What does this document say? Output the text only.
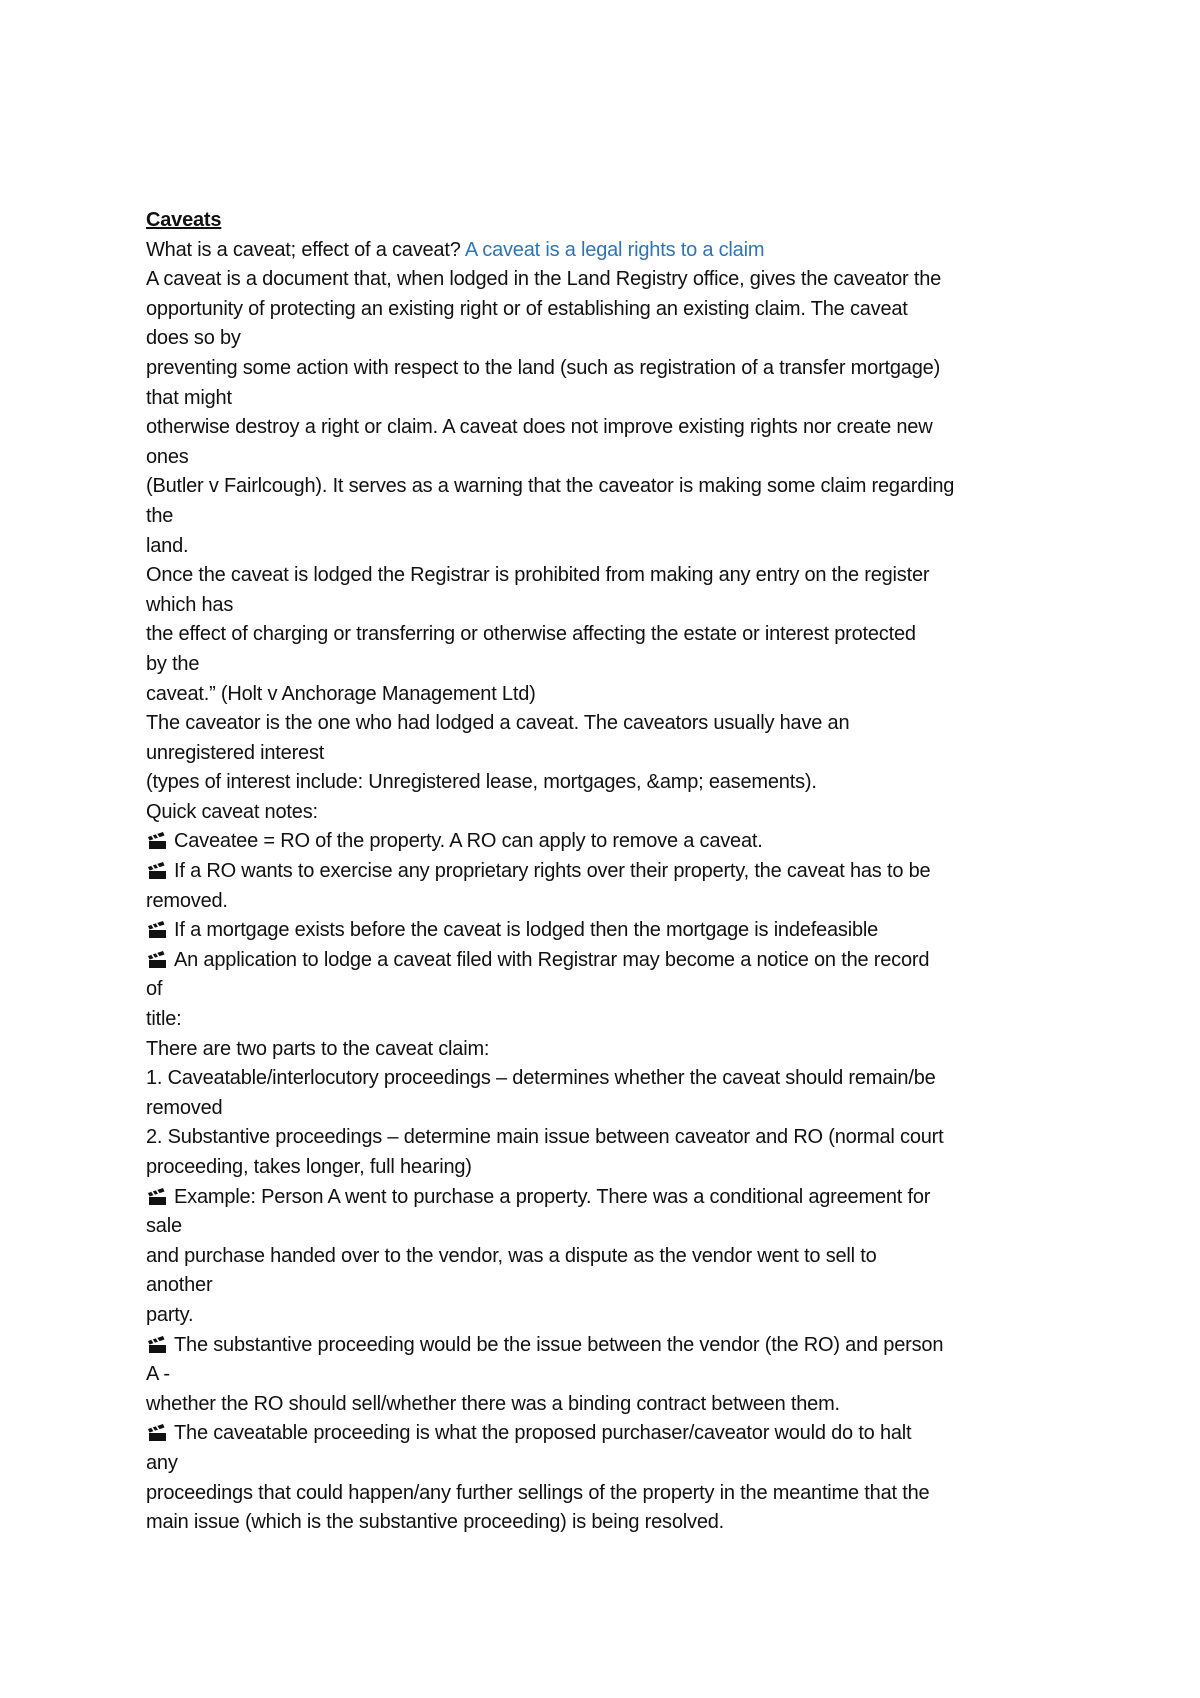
Caveats
What is a caveat; effect of a caveat? A caveat is a legal rights to a claim
A caveat is a document that, when lodged in the Land Registry office, gives the caveator the
opportunity of protecting an existing right or of establishing an existing claim. The caveat
does so by
preventing some action with respect to the land (such as registration of a transfer mortgage)
that might
otherwise destroy a right or claim. A caveat does not improve existing rights nor create new
ones
(Butler v Fairlcough). It serves as a warning that the caveator is making some claim regarding
the
land.
Once the caveat is lodged the Registrar is prohibited from making any entry on the register
which has
the effect of charging or transferring or otherwise affecting the estate or interest protected
by the
caveat.” (Holt v Anchorage Management Ltd)
The caveator is the one who had lodged a caveat. The caveators usually have an
unregistered interest
(types of interest include: Unregistered lease, mortgages, &amp; easements).
Quick caveat notes:
Caveatee = RO of the property. A RO can apply to remove a caveat.
If a RO wants to exercise any proprietary rights over their property, the caveat has to be
removed.
If a mortgage exists before the caveat is lodged then the mortgage is indefeasible
An application to lodge a caveat filed with Registrar may become a notice on the record
of
title:
There are two parts to the caveat claim:
1. Caveatable/interlocutory proceedings – determines whether the caveat should remain/be
removed
2. Substantive proceedings – determine main issue between caveator and RO (normal court
proceeding, takes longer, full hearing)
Example: Person A went to purchase a property. There was a conditional agreement for
sale
and purchase handed over to the vendor, was a dispute as the vendor went to sell to
another
party.
The substantive proceeding would be the issue between the vendor (the RO) and person
A -
whether the RO should sell/whether there was a binding contract between them.
The caveatable proceeding is what the proposed purchaser/caveator would do to halt
any
proceedings that could happen/any further sellings of the property in the meantime that the
main issue (which is the substantive proceeding) is being resolved.
